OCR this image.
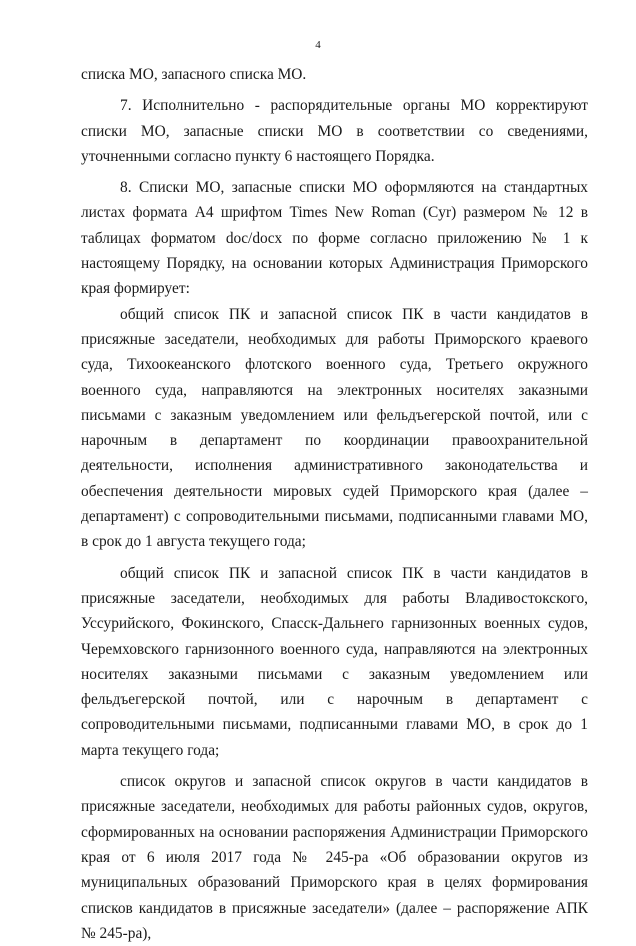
4

списка МО, запасного списка МО.

7. Исполнительно - распорядительные органы МО корректируют списки МО, запасные списки МО в соответствии со сведениями, уточненными согласно пункту 6 настоящего Порядка.

8. Списки МО, запасные списки МО оформляются на стандартных листах формата А4 шрифтом Times New Roman (Cyr) размером № 12 в таблицах форматом doc/docx по форме согласно приложению № 1 к настоящему Порядку, на основании которых Администрация Приморского края формирует:

общий список ПК и запасной список ПК в части кандидатов в присяжные заседатели, необходимых для работы Приморского краевого суда, Тихоокеанского флотского военного суда, Третьего окружного военного суда, направляются на электронных носителях заказными письмами с заказным уведомлением или фельдъегерской почтой, или с нарочным в департамент по координации правоохранительной деятельности, исполнения административного законодательства и обеспечения деятельности мировых судей Приморского края (далее – департамент) с сопроводительными письмами, подписанными главами МО, в срок до 1 августа текущего года;

общий список ПК и запасной список ПК в части кандидатов в присяжные заседатели, необходимых для работы Владивостокского, Уссурийского, Фокинского, Спасск-Дальнего гарнизонных военных судов, Черемховского гарнизонного военного суда, направляются на электронных носителях заказными письмами с заказным уведомлением или фельдъегерской почтой, или с нарочным в департамент с сопроводительными письмами, подписанными главами МО, в срок до 1 марта текущего года;

список округов и запасной список округов в части кандидатов в присяжные заседатели, необходимых для работы районных судов, округов, сформированных на основании распоряжения Администрации Приморского края от 6 июля 2017 года № 245-ра «Об образовании округов из муниципальных образований Приморского края в целях формирования списков кандидатов в присяжные заседатели» (далее – распоряжение АПК № 245-ра),
